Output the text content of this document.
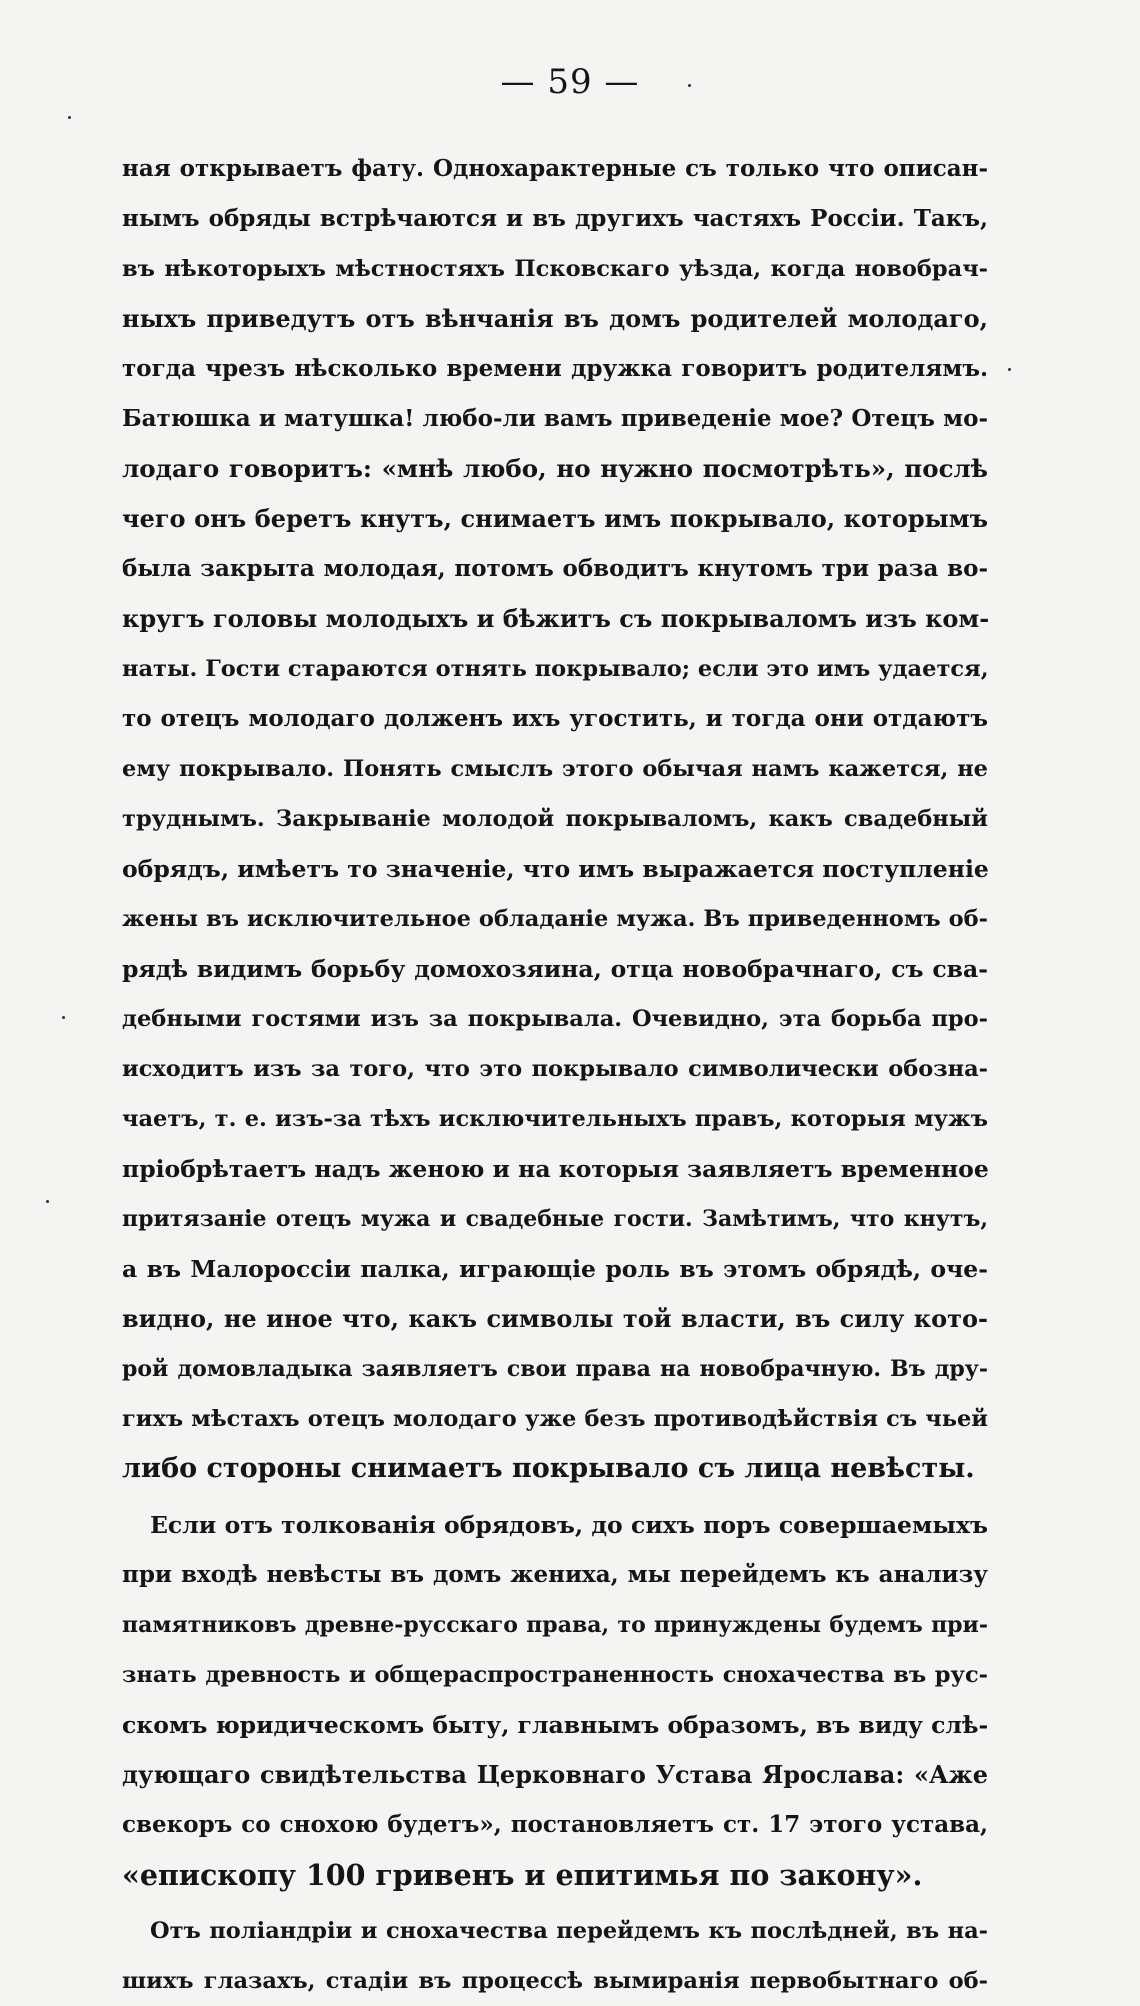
— 59 —
ная открываетъ фату. Однохарактерные съ только что описан-
нымъ обряды встрѣчаются и въ другихъ частяхъ Россіи. Такъ,
въ нѣкоторыхъ мѣстностяхъ Псковскаго уѣзда, когда новобрач-
ныхъ приведутъ отъ вѣнчанія въ домъ родителей молодаго,
тогда чрезъ нѣсколько времени дружка говоритъ родителямъ.
Батюшка и матушка! любо-ли вамъ приведеніе мое? Отецъ мо-
лодаго говоритъ: «мнѣ любо, но нужно посмотрѣть», послѣ
чего онъ беретъ кнутъ, снимаетъ имъ покрывало, которымъ
была закрыта молодая, потомъ обводитъ кнутомъ три раза во-
кругъ головы молодыхъ и бѣжитъ съ покрываломъ изъ ком-
наты. Гости стараются отнять покрывало; если это имъ удается,
то отецъ молодаго долженъ ихъ угостить, и тогда они отдаютъ
ему покрывало. Понять смыслъ этого обычая намъ кажется, не
труднымъ. Закрываніе молодой покрываломъ, какъ свадебный
обрядъ, имѣетъ то значеніе, что имъ выражается поступленіе
жены въ исключительное обладаніе мужа. Въ приведенномъ об-
рядѣ видимъ борьбу домохозяина, отца новобрачнаго, съ сва-
дебными гостями изъ за покрывала. Очевидно, эта борьба про-
исходитъ изъ за того, что это покрывало символически обозна-
чаетъ, т. е. изъ-за тѣхъ исключительныхъ правъ, которыя мужъ
пріобрѣтаетъ надъ женою и на которыя заявляетъ временное
притязаніе отецъ мужа и свадебные гости. Замѣтимъ, что кнутъ,
а въ Малороссіи палка, играющіе роль въ этомъ обрядѣ, оче-
видно, не иное что, какъ символы той власти, въ силу кото-
рой домовладыка заявляетъ свои права на новобрачную. Въ дру-
гихъ мѣстахъ отецъ молодаго уже безъ противодѣйствія съ чьей
либо стороны снимаетъ покрывало съ лица невѣсты.
Если отъ толкованія обрядовъ, до сихъ поръ совершаемыхъ
при входѣ невѣсты въ домъ жениха, мы перейдемъ къ анализу
памятниковъ древне-русскаго права, то принуждены будемъ при-
знать древность и общераспространенность снохачества въ рус-
скомъ юридическомъ быту, главнымъ образомъ, въ виду слѣ-
дующаго свидѣтельства Церковнаго Устава Ярослава: «Аже
свекоръ со снохою будетъ», постановляетъ ст. 17 этого устава,
«епископу 100 гривенъ и епитимья по закону».
Отъ поліандріи и снохачества перейдемъ къ послѣдней, въ на-
шихъ глазахъ, стадіи въ процессѣ вымиранія первобытнаго об-
